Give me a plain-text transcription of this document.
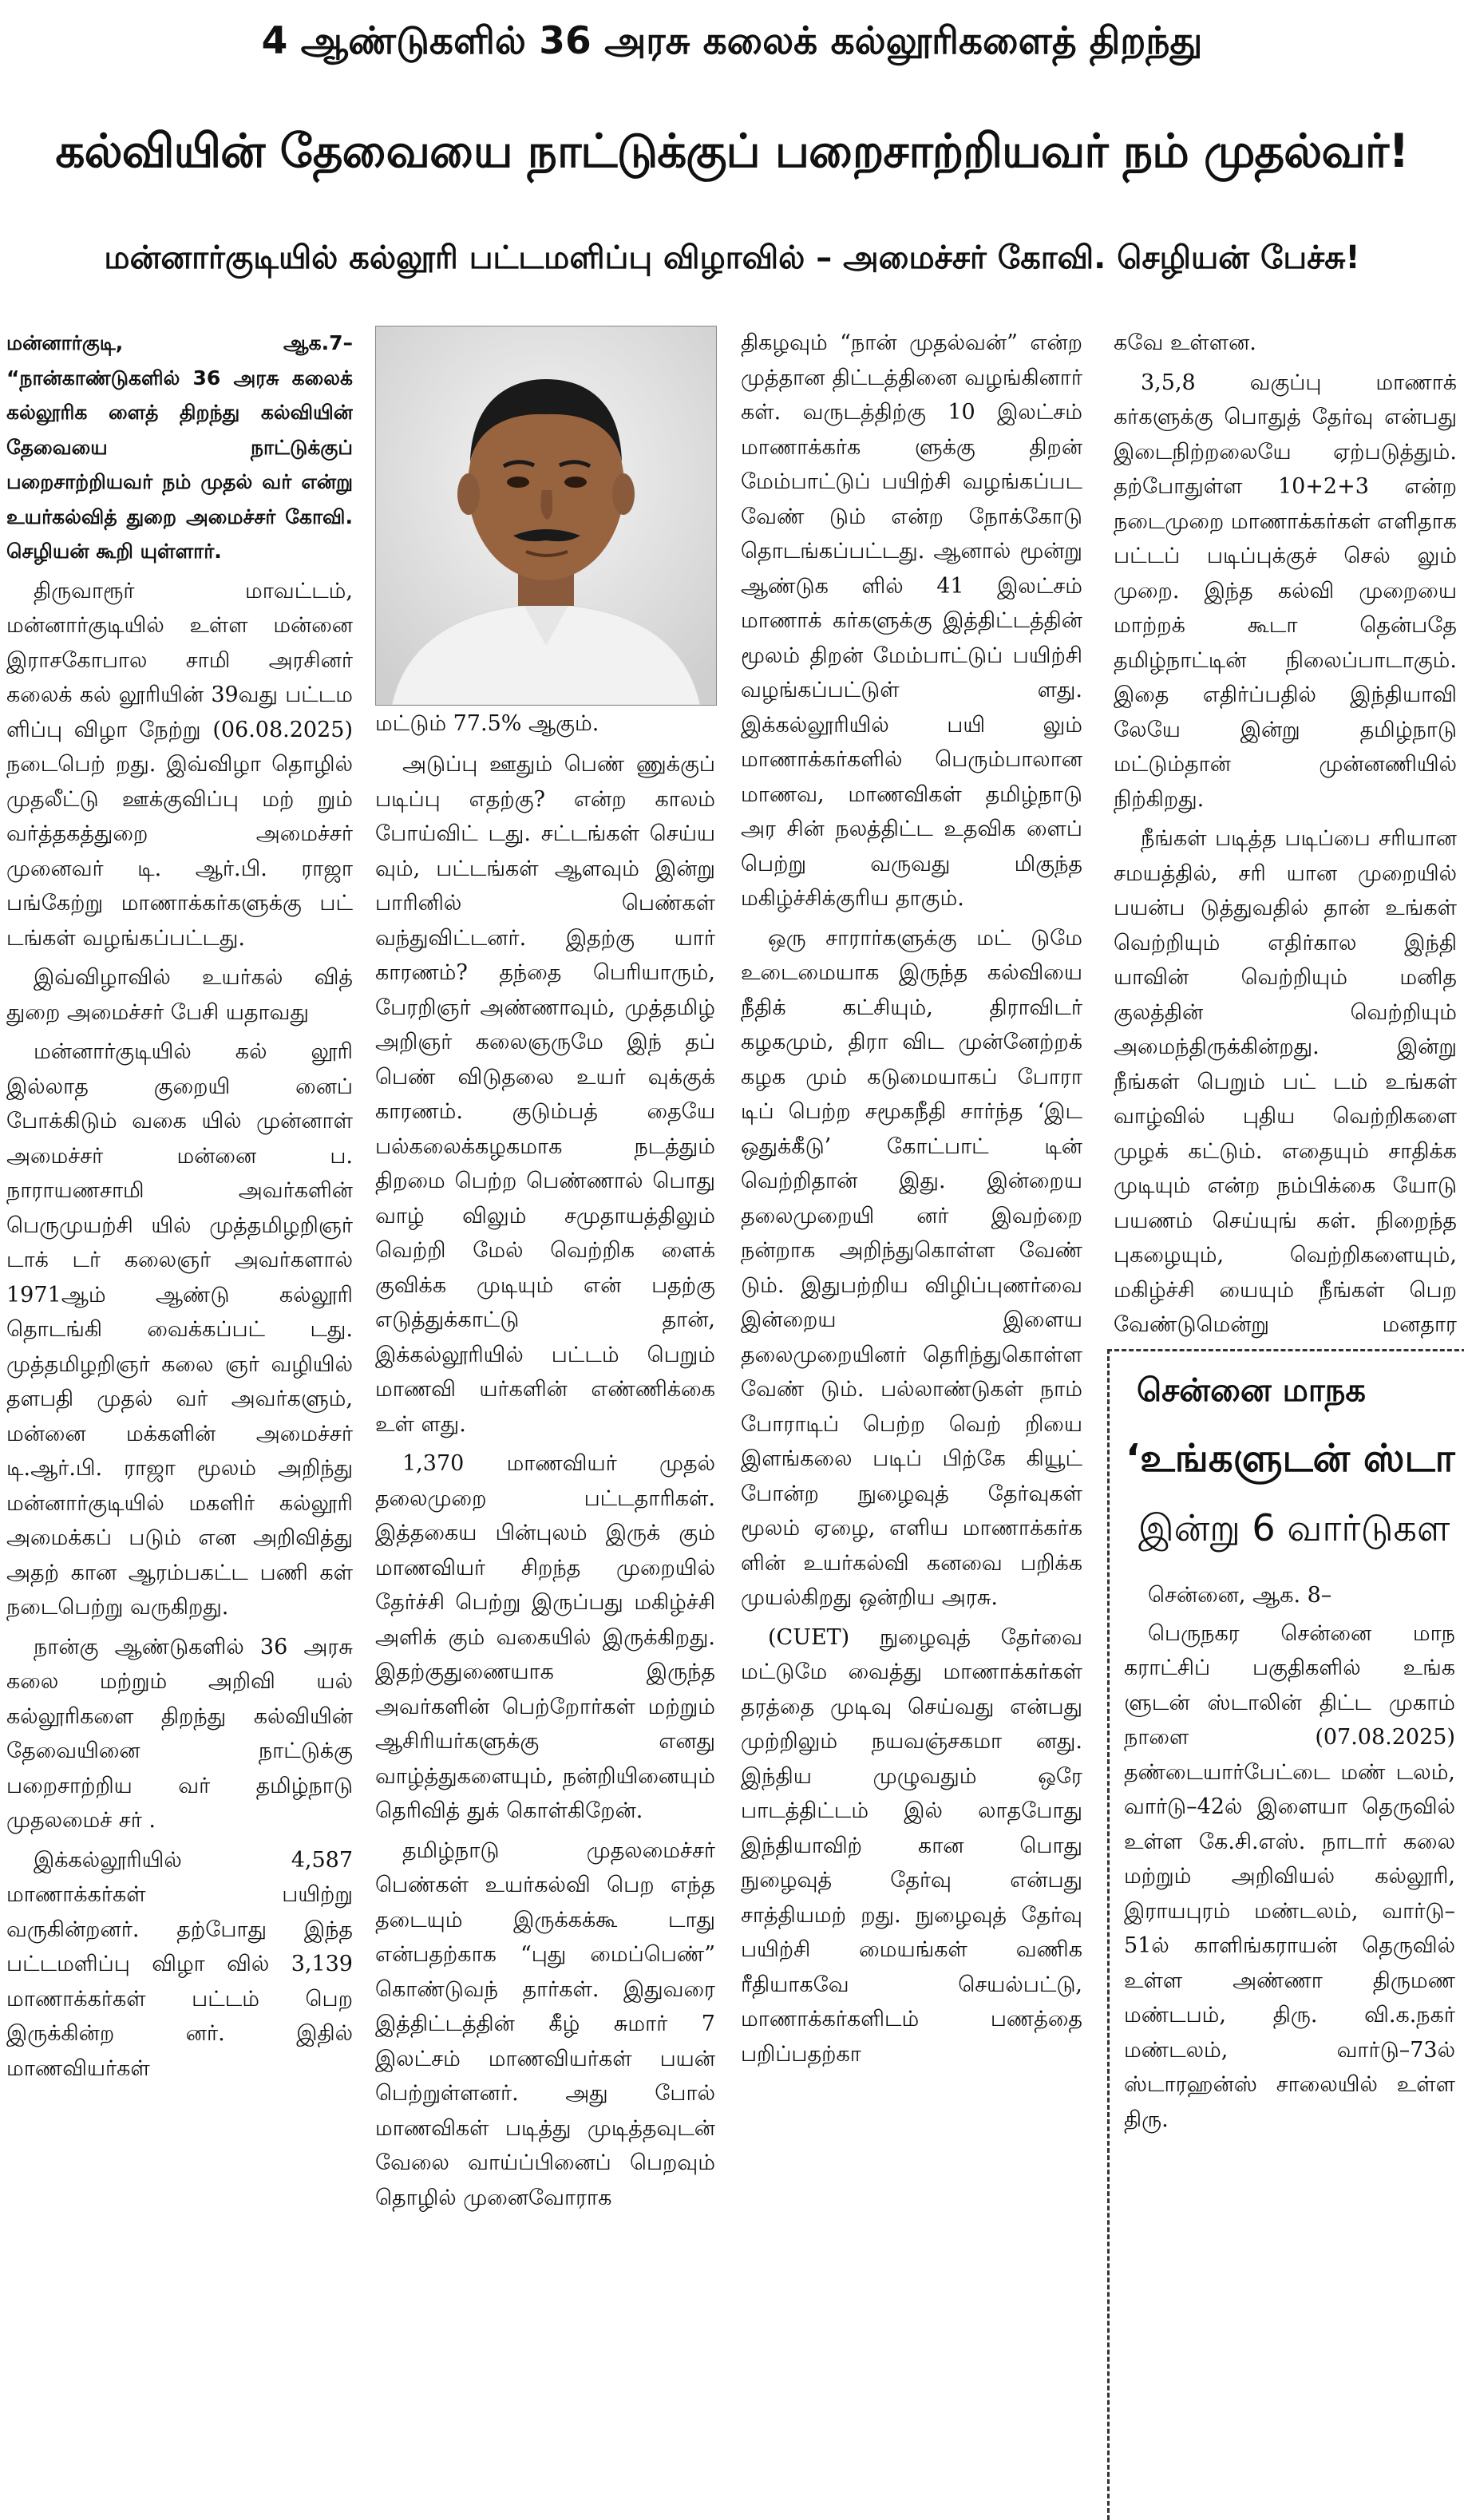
4 ஆண்டுகளில் 36 அரசு கலைக் கல்லூரிகளைத் திறந்து
கல்வியின் தேவையை நாட்டுக்குப் பறைசாற்றியவர் நம் முதல்வர்!
மன்னார்குடியில் கல்லூரி பட்டமளிப்பு விழாவில் – அமைச்சர் கோவி. செழியன் பேச்சு!

மன்னார்குடி, ஆக.7– “நான்காண்டுகளில் 36 அரசு கலைக் கல்லூரிக ளைத் திறந்து கல்வியின் தேவையை நாட்டுக்குப் பறைசாற்றியவர் நம் முதல் வர் என்று உயர்கல்வித் துறை அமைச்சர் கோவி. செழியன் கூறி யுள்ளார்.

திருவாரூர் மாவட்டம், மன்னார்குடியில் உள்ள மன்னை இராசகோபால சாமி அரசினர் கலைக் கல் லூரியின் 39வது பட்டம ளிப்பு விழா நேற்று (06.08.2025) நடைபெற் றது. இவ்விழா தொழில் முதலீட்டு ஊக்குவிப்பு மற் றும் வர்த்தகத்துறை அமைச்சர் முனைவர் டி. ஆர்.பி. ராஜா பங்கேற்று மாணாக்கர்களுக்கு பட் டங்கள் வழங்கப்பட்டது.

இவ்விழாவில் உயர்கல் வித் துறை அமைச்சர் பேசி யதாவது

மன்னார்குடியில் கல் லூரி இல்லாத குறையி னைப் போக்கிடும் வகை யில் முன்னாள் அமைச்சர் மன்னை ப. நாராயணசாமி அவர்களின் பெருமுயற்சி யில் முத்தமிழறிஞர் டாக் டர் கலைஞர் அவர்களால் 1971ஆம் ஆண்டு கல்லூரி தொடங்கி வைக்கப்பட் டது. முத்தமிழறிஞர் கலை ஞர் வழியில் தளபதி முதல் வர் அவர்களும், மன்னை மக்களின் அமைச்சர் டி.ஆர்.பி. ராஜா மூலம் அறிந்து மன்னார்குடியில் மகளிர் கல்லூரி அமைக்கப் படும் என அறிவித்து அதற் கான ஆரம்பகட்ட பணி கள் நடைபெற்று வருகிறது.

நான்கு ஆண்டுகளில் 36 அரசு கலை மற்றும் அறிவி யல் கல்லூரிகளை திறந்து கல்வியின் தேவையினை நாட்டுக்கு பறைசாற்றிய வர் தமிழ்நாடு முதலமைச் சர் .

இக்கல்லூரியில் 4,587 மாணாக்கர்கள் பயிற்று வருகின்றனர். தற்போது இந்த பட்டமளிப்பு விழா வில் 3,139 மாணாக்கர்கள் பட்டம் பெற இருக்கின்ற னர். இதில் மாணவியர்கள்

மட்டும் 77.5% ஆகும்.

அடுப்பு ஊதும் பெண் ணுக்குப் படிப்பு எதற்கு? என்ற காலம் போய்விட் டது. சட்டங்கள் செய்ய வும், பட்டங்கள் ஆளவும் இன்று பாரினில் பெண்கள் வந்துவிட்டனர். இதற்கு யார் காரணம்? தந்தை பெரியாரும், பேரறிஞர் அண்ணாவும், முத்தமிழ் அறிஞர் கலைஞருமே இந் தப் பெண் விடுதலை உயர் வுக்குக் காரணம். குடும்பத் தையே பல்கலைக்கழகமாக நடத்தும் திறமை பெற்ற பெண்ணால் பொது வாழ் விலும் சமுதாயத்திலும் வெற்றி மேல் வெற்றிக ளைக் குவிக்க முடியும் என் பதற்கு எடுத்துக்காட்டு தான், இக்கல்லூரியில் பட்டம் பெறும் மாணவி யர்களின் எண்ணிக்கை உள் ளது.

1,370 மாணவியர் முதல் தலைமுறை பட்டதாரிகள். இத்தகைய பின்புலம் இருக் கும் மாணவியர் சிறந்த முறையில் தேர்ச்சி பெற்று இருப்பது மகிழ்ச்சி அளிக் கும் வகையில் இருக்கிறது. இதற்குதுணையாக இருந்த அவர்களின் பெற்றோர்கள் மற்றும் ஆசிரியர்களுக்கு எனது வாழ்த்துகளையும், நன்றியினையும் தெரிவித் துக் கொள்கிறேன்.

தமிழ்நாடு முதலமைச்சர் பெண்கள் உயர்கல்வி பெற எந்த தடையும் இருக்கக்கூ டாது என்பதற்காக “புது மைப்பெண்” கொண்டுவந் தார்கள். இதுவரை இத்திட்டத்தின் கீழ் சுமார் 7 இலட்சம் மாணவியர்கள் பயன் பெற்றுள்ளனர். அது போல் மாணவிகள் படித்து முடித்தவுடன் வேலை வாய்ப்பினைப் பெறவும் தொழில் முனைவோராக

திகழவும் “நான் முதல்வன்” என்ற முத்தான திட்டத்தினை வழங்கினார் கள். வருடத்திற்கு 10 இலட்சம் மாணாக்கர்க ளுக்கு திறன் மேம்பாட்டுப் பயிற்சி வழங்கப்பட வேண் டும் என்ற நோக்கோடு தொடங்கப்பட்டது. ஆனால் மூன்று ஆண்டுக ளில் 41 இலட்சம் மாணாக் கர்களுக்கு இத்திட்டத்தின் மூலம் திறன் மேம்பாட்டுப் பயிற்சி வழங்கப்பட்டுள் ளது. இக்கல்லூரியில் பயி லும் மாணாக்கர்களில் பெரும்பாலான மாணவ, மாணவிகள் தமிழ்நாடு அர சின் நலத்திட்ட உதவிக ளைப் பெற்று வருவது மிகுந்த மகிழ்ச்சிக்குரிய தாகும்.

ஒரு சாரார்களுக்கு மட் டுமே உடைமையாக இருந்த கல்வியை நீதிக் கட்சியும், திராவிடர் கழகமும், திரா விட முன்னேற்றக் கழக மும் கடுமையாகப் போரா டிப் பெற்ற சமூகநீதி சார்ந்த ‘இட ஒதுக்கீடு’ கோட்பாட் டின் வெற்றிதான் இது. இன்றைய தலைமுறையி னர் இவற்றை நன்றாக அறிந்துகொள்ள வேண் டும். இதுபற்றிய விழிப்புணர்வை இன்றைய இளைய தலைமுறையினர் தெரிந்துகொள்ள வேண் டும். பல்லாண்டுகள் நாம் போராடிப் பெற்ற வெற் றியை இளங்கலை படிப் பிற்கே கியூட் போன்ற நுழைவுத் தேர்வுகள் மூலம் ஏழை, எளிய மாணாக்கர்க ளின் உயர்கல்வி கனவை பறிக்க முயல்கிறது ஒன்றிய அரசு.

(CUET) நுழைவுத் தேர்வை மட்டுமே வைத்து மாணாக்கர்கள் தரத்தை முடிவு செய்வது என்பது முற்றிலும் நயவஞ்சகமா னது. இந்திய முழுவதும் ஒரே பாடத்திட்டம் இல் லாதபோது இந்தியாவிற் கான பொது நுழைவுத் தேர்வு என்பது சாத்தியமற் றது. நுழைவுத் தேர்வு பயிற்சி மையங்கள் வணிக ரீதியாகவே செயல்பட்டு, மாணாக்கர்களிடம் பணத்தை பறிப்பதற்கா

கவே உள்ளன.

3,5,8 வகுப்பு மாணாக் கர்களுக்கு பொதுத் தேர்வு என்பது இடைநிற்றலையே ஏற்படுத்தும். தற்போதுள்ள 10+2+3 என்ற நடைமுறை மாணாக்கர்கள் எளிதாக பட்டப் படிப்புக்குச் செல் லும் முறை. இந்த கல்வி முறையை மாற்றக் கூடா தென்பதே தமிழ்நாட்டின் நிலைப்பாடாகும். இதை எதிர்ப்பதில் இந்தியாவி லேயே இன்று தமிழ்நாடு மட்டும்தான் முன்னணியில் நிற்கிறது.

நீங்கள் படித்த படிப்பை சரியான சமயத்தில், சரி யான முறையில் பயன்ப டுத்துவதில் தான் உங்கள் வெற்றியும் எதிர்கால இந்தி யாவின் வெற்றியும் மனித குலத்தின் வெற்றியும் அமைந்திருக்கின்றது. இன்று நீங்கள் பெறும் பட் டம் உங்கள் வாழ்வில் புதிய வெற்றிகளை முழக் கட்டும். எதையும் சாதிக்க முடியும் என்ற நம்பிக்கை யோடு பயணம் செய்யுங் கள். நிறைந்த புகழையும், வெற்றிகளையும், மகிழ்ச்சி யையும் நீங்கள் பெற வேண்டுமென்று மனதார

சென்னை மாநக
‘உங்களுடன் ஸ்டா
இன்று 6 வார்டுகள

சென்னை, ஆக. 8–

பெருநகர சென்னை மாந கராட்சிப் பகுதிகளில் உங்க ளுடன் ஸ்டாலின் திட்ட முகாம் நாளை (07.08.2025) தண்டையார்பேட்டை மண் டலம், வார்டு–42ல் இளையா தெருவில் உள்ள கே.சி.எஸ். நாடார் கலை மற்றும் அறிவியல் கல்லூரி, இராயபுரம் மண்டலம், வார்டு–51ல் காளிங்கராயன் தெருவில் உள்ள அண்ணா திருமண மண்டபம், திரு. வி.க.நகர் மண்டலம், வார்டு–73ல் ஸ்டாரஹன்ஸ் சாலையில் உள்ள திரு.
